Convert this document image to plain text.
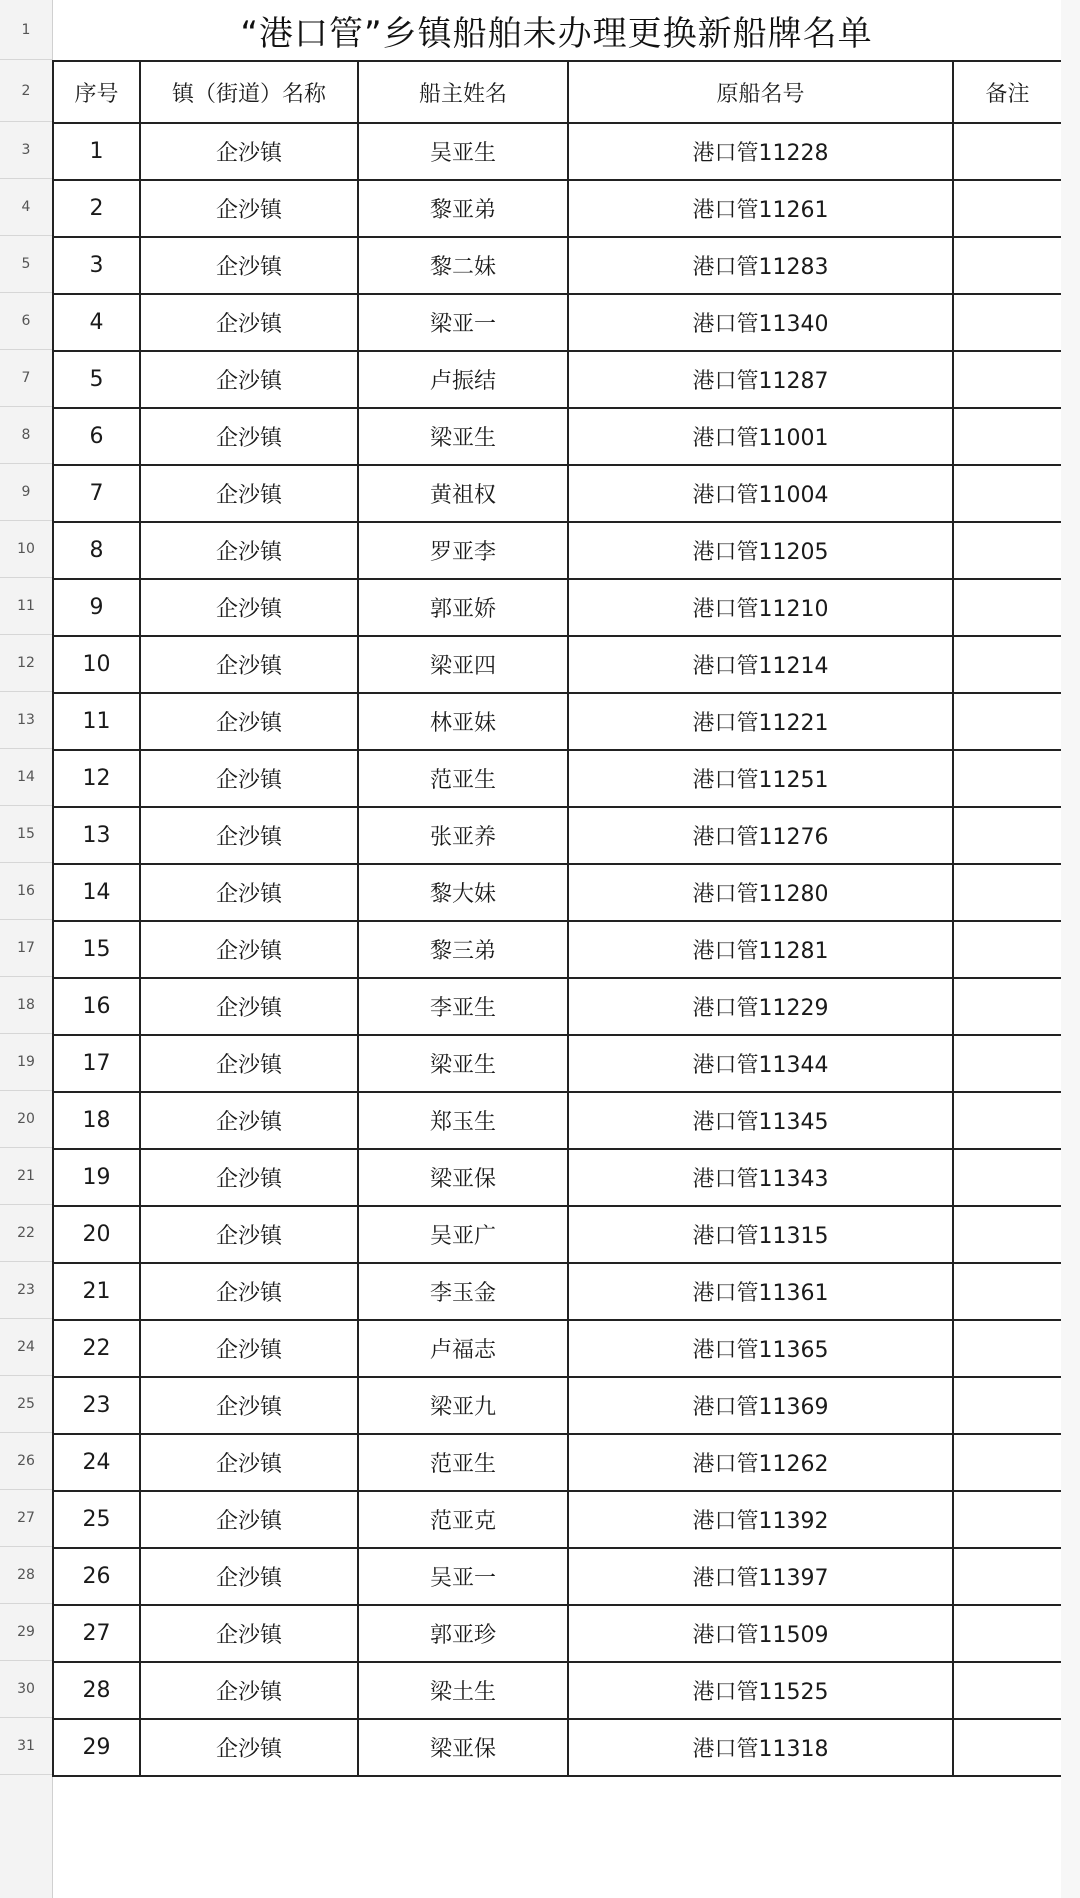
1
2
3
4
5
6
7
8
9
10
11
12
13
14
15
16
17
18
19
20
21
22
23
24
25
26
27
28
29
30
31
“港口管”乡镇船舶未办理更换新船牌名单
序号	镇（街道）名称	船主姓名	原船名号	备注
1	企沙镇	吴亚生	港口管11228	
2	企沙镇	黎亚弟	港口管11261	
3	企沙镇	黎二妹	港口管11283	
4	企沙镇	梁亚一	港口管11340	
5	企沙镇	卢振结	港口管11287	
6	企沙镇	梁亚生	港口管11001	
7	企沙镇	黄祖权	港口管11004	
8	企沙镇	罗亚李	港口管11205	
9	企沙镇	郭亚娇	港口管11210	
10	企沙镇	梁亚四	港口管11214	
11	企沙镇	林亚妹	港口管11221	
12	企沙镇	范亚生	港口管11251	
13	企沙镇	张亚养	港口管11276	
14	企沙镇	黎大妹	港口管11280	
15	企沙镇	黎三弟	港口管11281	
16	企沙镇	李亚生	港口管11229	
17	企沙镇	梁亚生	港口管11344	
18	企沙镇	郑玉生	港口管11345	
19	企沙镇	梁亚保	港口管11343	
20	企沙镇	吴亚广	港口管11315	
21	企沙镇	李玉金	港口管11361	
22	企沙镇	卢福志	港口管11365	
23	企沙镇	梁亚九	港口管11369	
24	企沙镇	范亚生	港口管11262	
25	企沙镇	范亚克	港口管11392	
26	企沙镇	吴亚一	港口管11397	
27	企沙镇	郭亚珍	港口管11509	
28	企沙镇	梁土生	港口管11525	
29	企沙镇	梁亚保	港口管11318	
